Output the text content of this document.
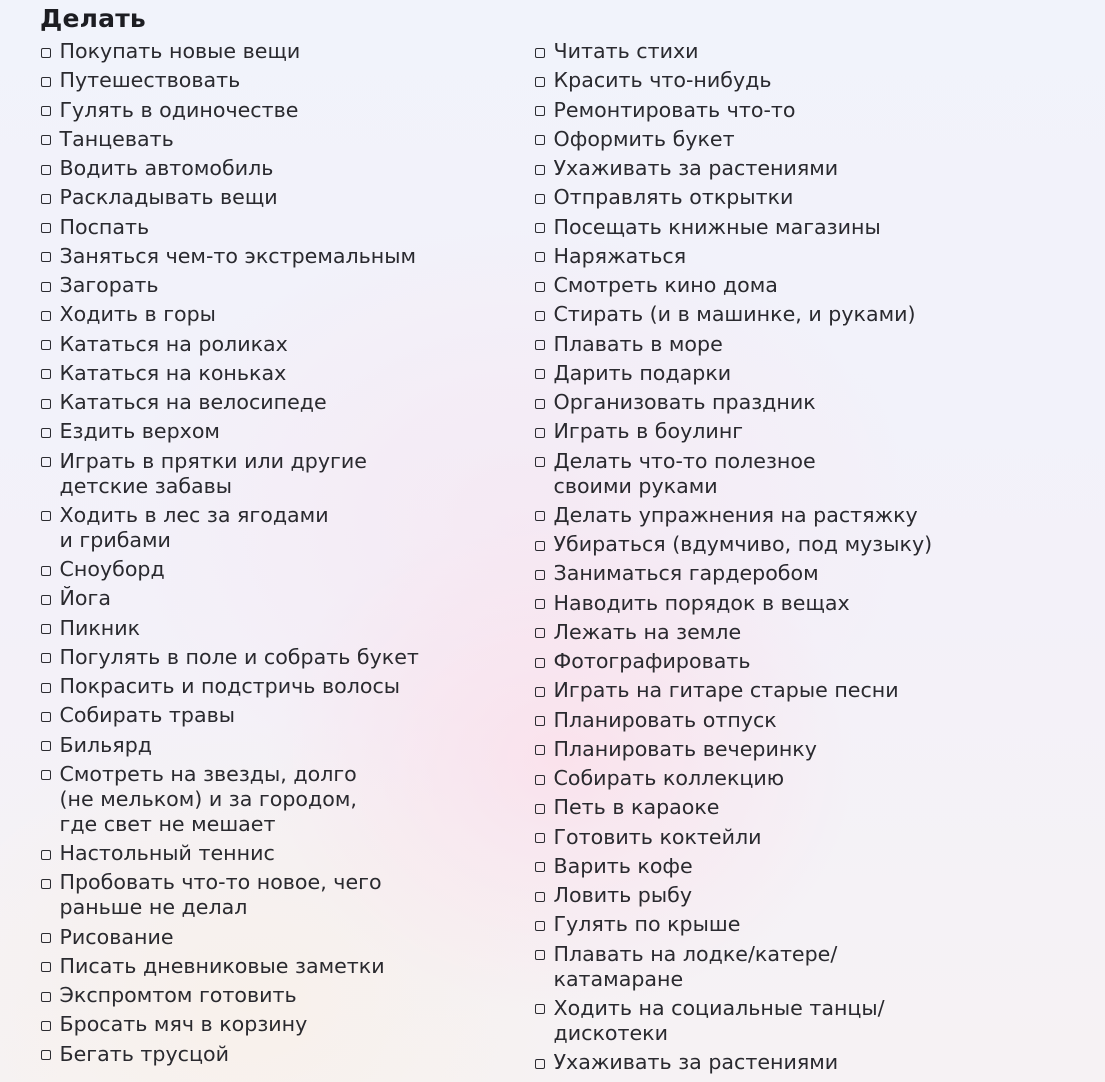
Делать
Покупать новые вещи
Путешествовать
Гулять в одиночестве
Танцевать
Водить автомобиль
Раскладывать вещи
Поспать
Заняться чем-то экстремальным
Загорать
Ходить в горы
Кататься на роликах
Кататься на коньках
Кататься на велосипеде
Ездить верхом
Играть в прятки или другие
детские забавы
Ходить в лес за ягодами
и грибами
Сноуборд
Йога
Пикник
Погулять в поле и собрать букет
Покрасить и подстричь волосы
Собирать травы
Бильярд
Смотреть на звезды, долго
(не мельком) и за городом,
где свет не мешает
Настольный теннис
Пробовать что-то новое, чего
раньше не делал
Рисование
Писать дневниковые заметки
Экспромтом готовить
Бросать мяч в корзину
Бегать трусцой
Читать стихи
Красить что-нибудь
Ремонтировать что-то
Оформить букет
Ухаживать за растениями
Отправлять открытки
Посещать книжные магазины
Наряжаться
Смотреть кино дома
Стирать (и в машинке, и руками)
Плавать в море
Дарить подарки
Организовать праздник
Играть в боулинг
Делать что-то полезное
своими руками
Делать упражнения на растяжку
Убираться (вдумчиво, под музыку)
Заниматься гардеробом
Наводить порядок в вещах
Лежать на земле
Фотографировать
Играть на гитаре старые песни
Планировать отпуск
Планировать вечеринку
Собирать коллекцию
Петь в караоке
Готовить коктейли
Варить кофе
Ловить рыбу
Гулять по крыше
Плавать на лодке/катере/
катамаране
Ходить на социальные танцы/
дискотеки
Ухаживать за растениями
